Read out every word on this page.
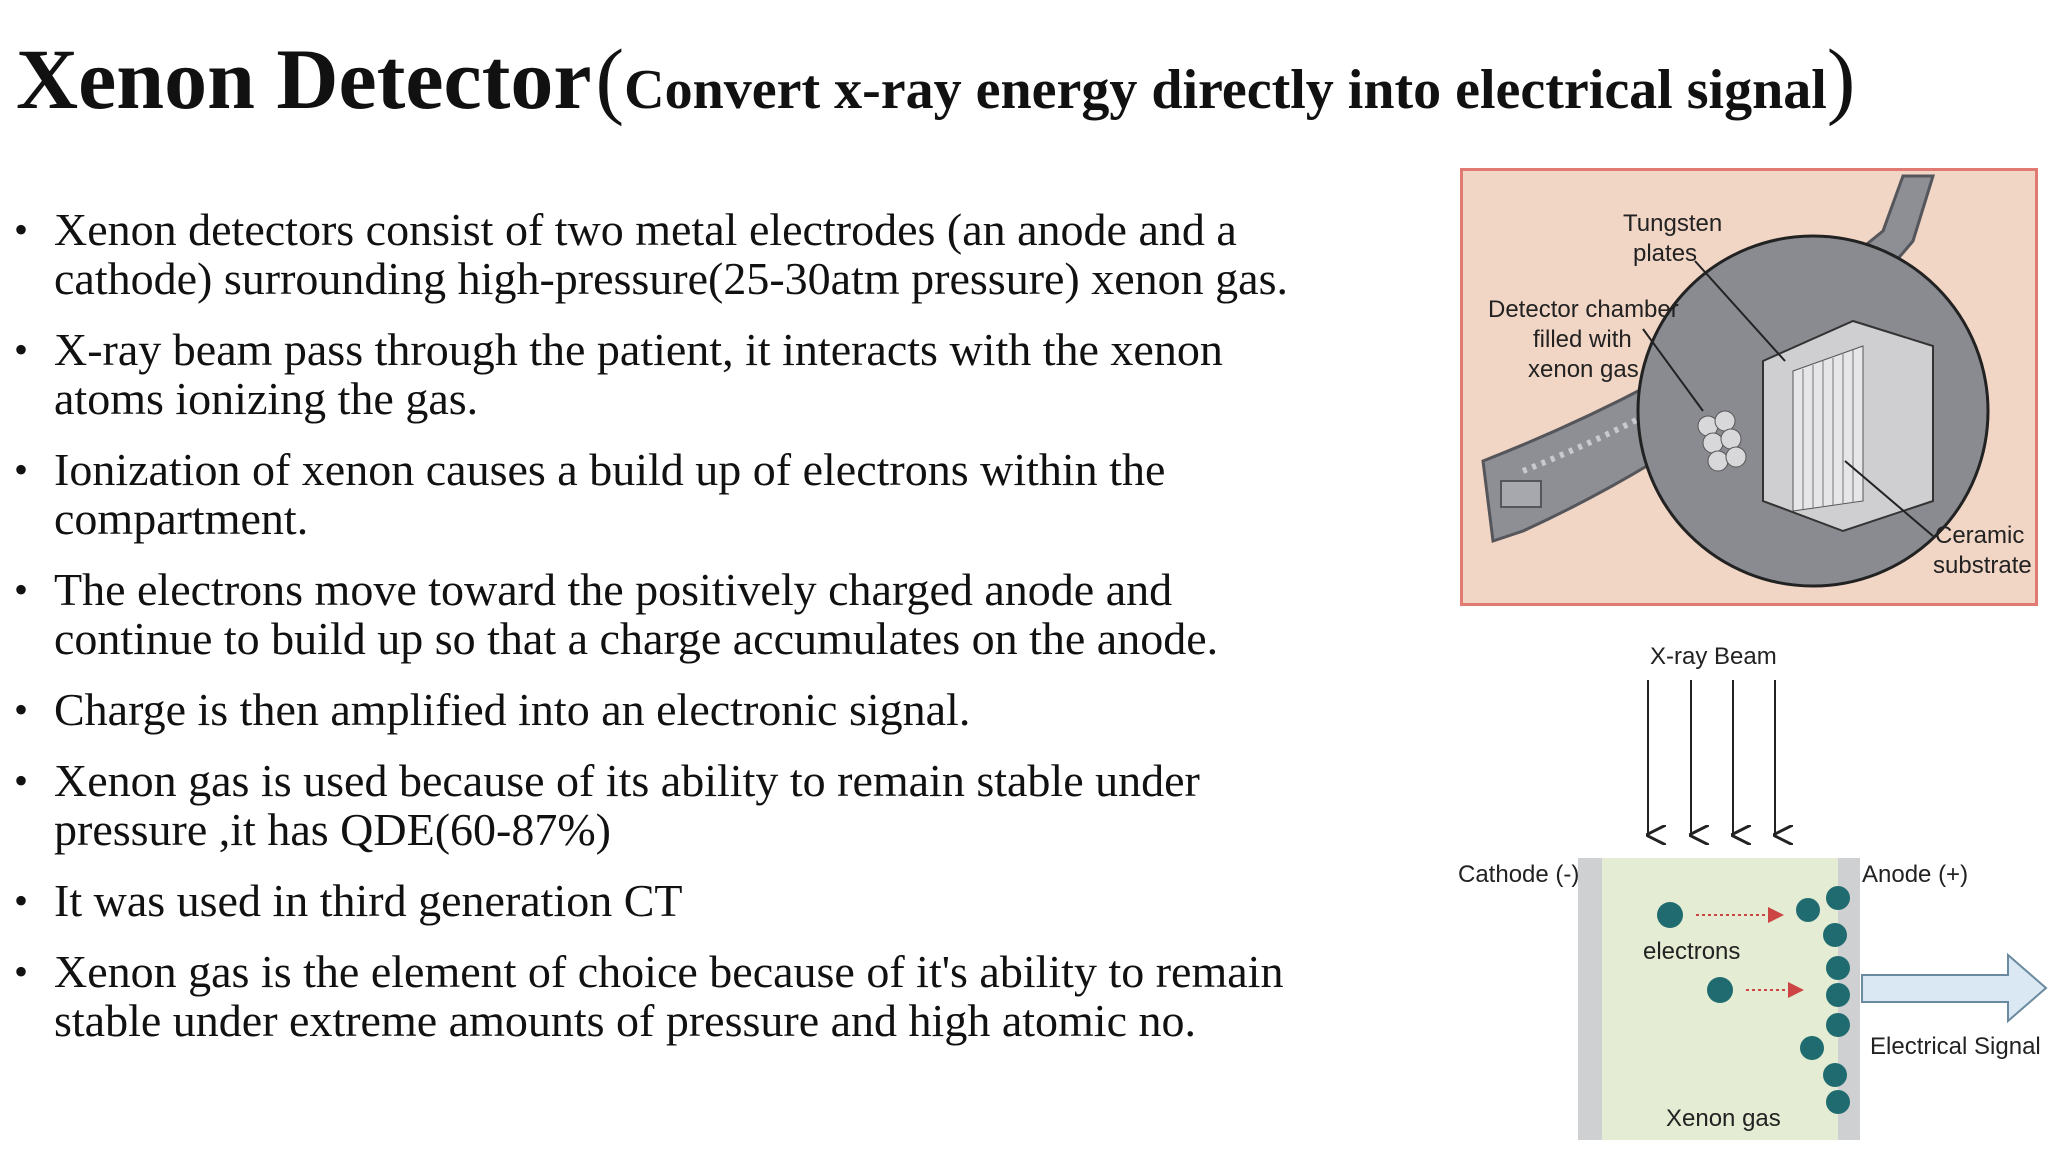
Xenon Detector (Convert x-ray energy directly into electrical signal)
• Xenon detectors consist of two metal electrodes (an anode and a
cathode) surrounding high-pressure(25-30atm pressure) xenon gas.
• X-ray beam pass through the patient, it interacts with the xenon
atoms ionizing the gas.
• Ionization of xenon causes a build up of electrons within the
compartment.
• The electrons move toward the positively charged anode and
continue to build up so that a charge accumulates on the anode.
• Charge is then amplified into an electronic signal.
• Xenon gas is used because of its ability to remain stable under
pressure ,it has QDE(60-87%)
• It was used in third generation CT
• Xenon gas is the element of choice because of it's ability to remain
stable under extreme amounts of pressure and high atomic no.
Tungsten
plates
Detector chamber
filled with
xenon gas
Ceramic
substrate
X-ray Beam
Cathode (-)	Anode (+)
electrons
Xenon gas
Electrical Signal
